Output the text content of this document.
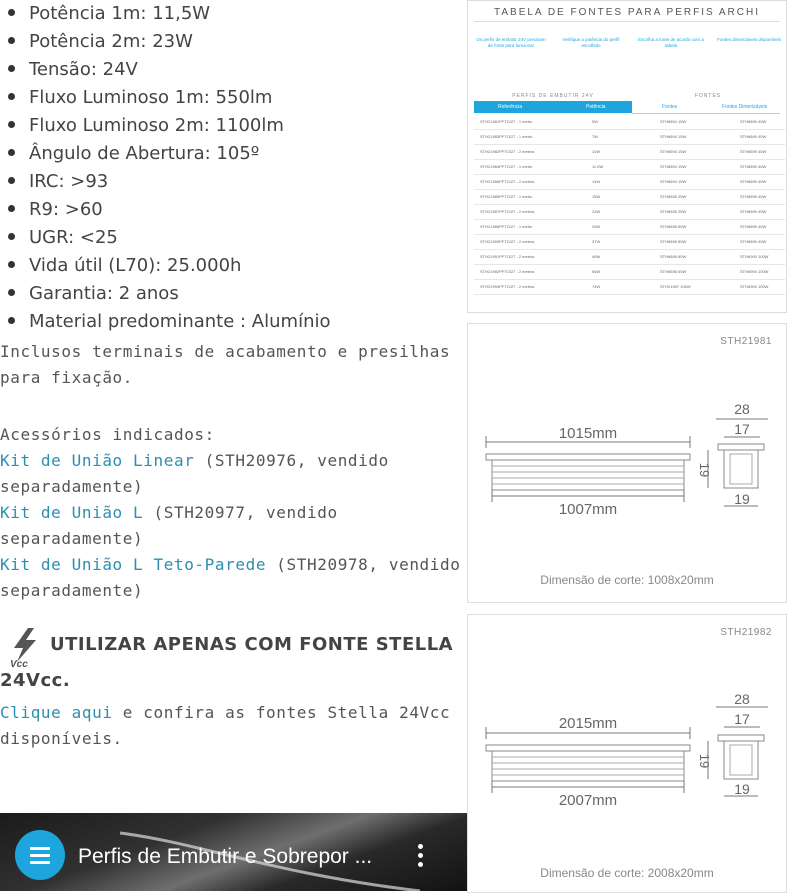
Potência 1m: 11,5W
Potência 2m: 23W
Tensão: 24V
Fluxo Luminoso 1m: 550lm
Fluxo Luminoso 2m: 1100lm
Ângulo de Abertura: 105º
IRC: >93
R9: >60
UGR: <25
Vida útil (L70): 25.000h
Garantia: 2 anos
Material predominante : Alumínio

Inclusos terminais de acabamento e presilhas para fixação.

Acessórios indicados:
Kit de União Linear (STH20976, vendido separadamente)
Kit de União L (STH20977, vendido separadamente)
Kit de União L Teto-Parede (STH20978, vendido separadamente)
Vcc
UTILIZAR APENAS COM FONTE STELLA
24Vcc.
Clique aqui e confira as fontes Stella 24Vcc disponíveis.
Perfis de Embutir e Sobrepor ...
TABELA DE FONTES PARA PERFIS ARCHI
Os perfis de embutir 24V precisam de fonte para funcionar
Verifique a potência do perfil escolhido
Escolha a fonte de acordo com a tabela
Fontes dimerizáveis disponíveis
PERFIS DE EMBUTIR 24V	FONTES
Referência	Potência	Fontes	Fontes Dimerizáveis
STH21981PFTO/27 - 1 metro	5W	STH6894 15W	STH6899 40W
STH21983PFTO/27 - 1 metro	7W	STH6894 15W	STH6899 40W
STH21982PFTO/27 - 2 metros	10W	STH6894 15W	STH6899 40W
STH21984PFTO/27 - 1 metro	11,5W	STH6894 15W	STH6899 40W
STH21986PFTO/27 - 2 metros	14W	STH6894 15W	STH6899 40W
STH21985PFTO/27 - 1 metro	15W	STH6895 25W	STH6899 40W
STH21987PFTO/27 - 2 metros	23W	STH6895 25W	STH6899 40W
STH21988PFTO/27 - 1 metro	28W	STH6896 60W	STH6899 40W
STH21990PFTO/27 - 2 metros	37W	STH6896 60W	STH6899 40W
STH21991PFTO/27 - 2 metros	46W	STH6896 60W	STH6900 100W
STH21992PFTO/27 - 2 metros	56W	STH6896 60W	STH6900 100W
STH21994PFTO/27 - 2 metros	74W	STH21957 100W	STH6900 100W
STH21981
1015mm
1007mm
28
17
19
19
Dimensão de corte: 1008x20mm
STH21982
2015mm
2007mm
28
17
19
19
Dimensão de corte: 2008x20mm
